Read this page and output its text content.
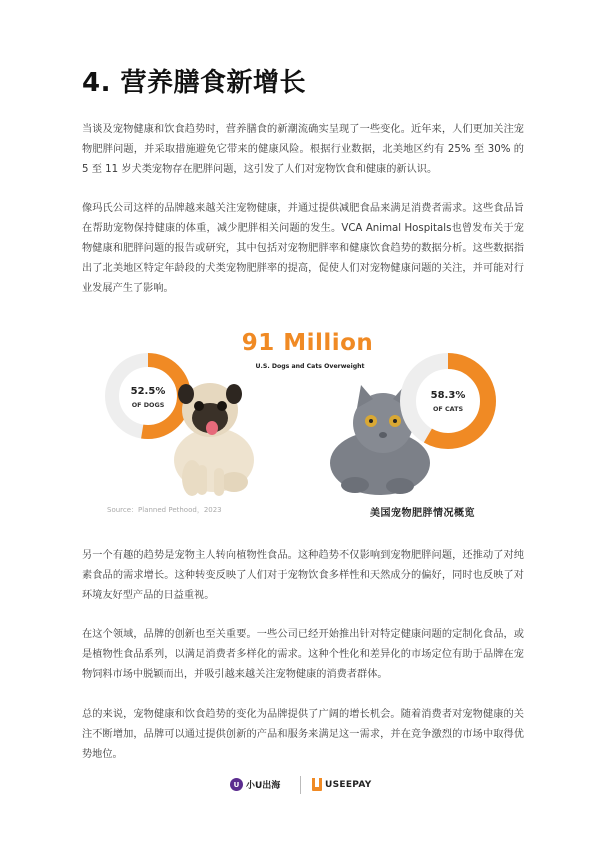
4. 营养膳食新增长

当谈及宠物健康和饮食趋势时，营养膳食的新潮流确实呈现了一些变化。近年来，人们更加关注宠物肥胖问题，并采取措施避免它带来的健康风险。根据行业数据，北美地区约有 25% 至 30% 的 5 至 11 岁犬类宠物存在肥胖问题，这引发了人们对宠物饮食和健康的新认识。

像玛氏公司这样的品牌越来越关注宠物健康，并通过提供减肥食品来满足消费者需求。这些食品旨在帮助宠物保持健康的体重，减少肥胖相关问题的发生。VCA Animal Hospitals也曾发布关于宠物健康和肥胖问题的报告或研究，其中包括对宠物肥胖率和健康饮食趋势的数据分析。这些数据指出了北美地区特定年龄段的犬类宠物肥胖率的提高，促使人们对宠物健康问题的关注，并可能对行业发展产生了影响。

91 Million
U.S. Dogs and Cats Overweight
52.5%
OF DOGS
58.3%
OF CATS
Source：Planned Pethood，2023	美国宠物肥胖情况概览

另一个有趣的趋势是宠物主人转向植物性食品。这种趋势不仅影响到宠物肥胖问题，还推动了对纯素食品的需求增长。这种转变反映了人们对于宠物饮食多样性和天然成分的偏好，同时也反映了对环境友好型产品的日益重视。

在这个领域，品牌的创新也至关重要。一些公司已经开始推出针对特定健康问题的定制化食品，或是植物性食品系列，以满足消费者多样化的需求。这种个性化和差异化的市场定位有助于品牌在宠物饲料市场中脱颖而出，并吸引越来越关注宠物健康的消费者群体。

总的来说，宠物健康和饮食趋势的变化为品牌提供了广阔的增长机会。随着消费者对宠物健康的关注不断增加，品牌可以通过提供创新的产品和服务来满足这一需求，并在竞争激烈的市场中取得优势地位。

U 小U出海	USEEPAY
